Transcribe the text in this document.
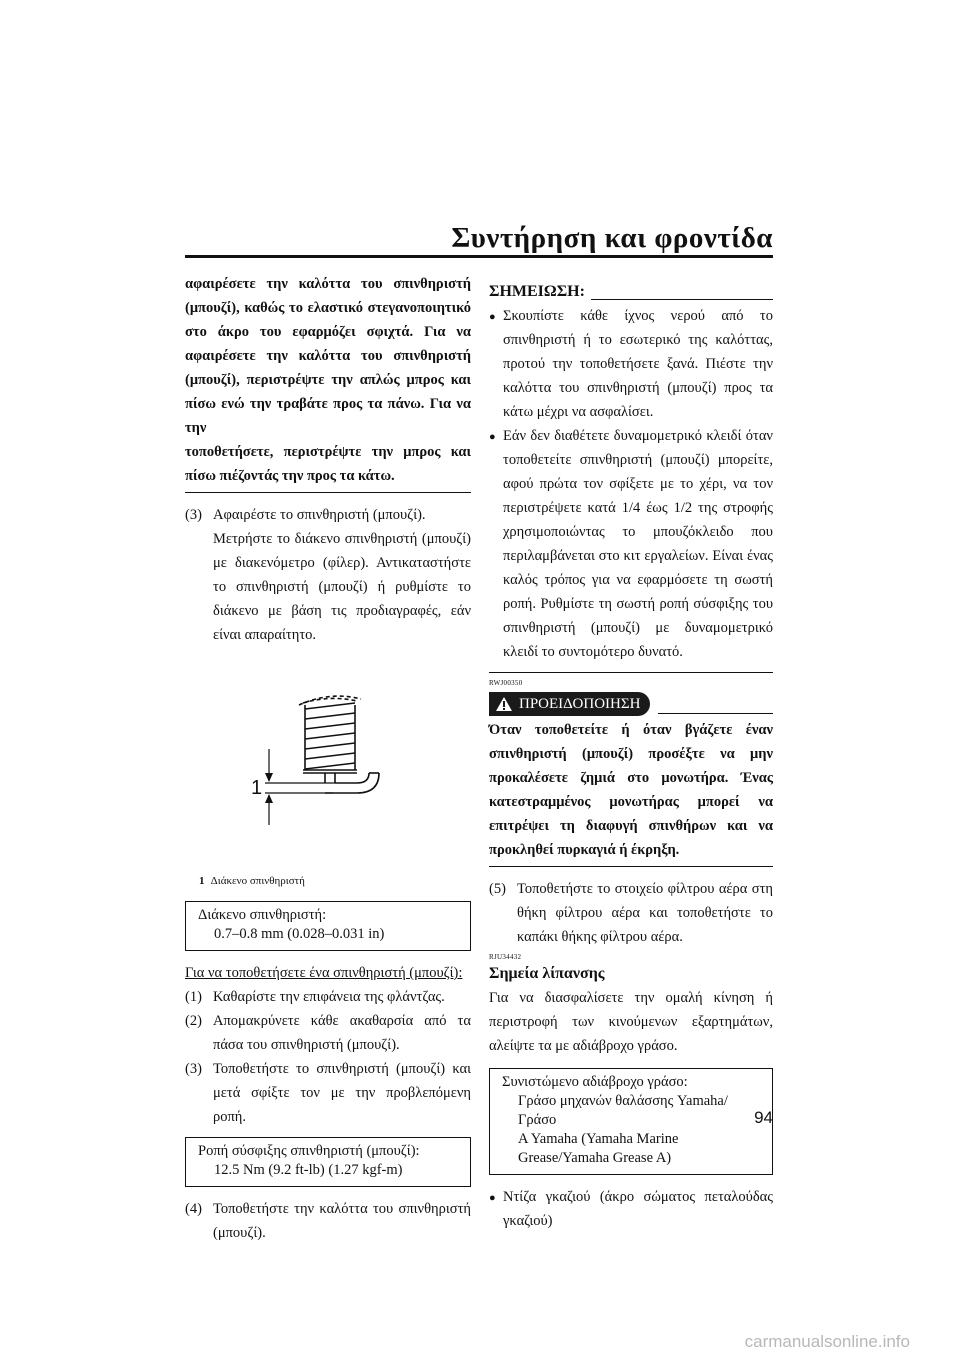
Συντήρηση και φροντίδα
αφαιρέσετε την καλόττα του σπινθηριστή
(μπουζί), καθώς το ελαστικό στεγανοποιητικό
στο άκρο του εφαρμόζει σφιχτά. Για να
αφαιρέσετε την καλόττα του σπινθηριστή
(μπουζί), περιστρέψτε την απλώς μπρος και
πίσω ενώ την τραβάτε προς τα πάνω. Για να την
τοποθετήσετε, περιστρέψτε την μπρος και
πίσω πιέζοντάς την προς τα κάτω.
(3) Αφαιρέστε το σπινθηριστή (μπουζί).

Μετρήστε το διάκενο σπινθηριστή (μπουζί) με διακενόμετρο (φίλερ). Αντικαταστήστε το σπινθηριστή (μπουζί) ή ρυθμίστε το διάκενο με βάση τις προδιαγραφές, εάν είναι απαραίτητο.

1
1 Διάκενο σπινθηριστή
Διάκενο σπινθηριστή:
0.7–0.8 mm (0.028–0.031 in)
Για να τοποθετήσετε ένα σπινθηριστή (μπουζί):
(1) Καθαρίστε την επιφάνεια της φλάντζας.
(2) Απομακρύνετε κάθε ακαθαρσία από τα πάσα του σπινθηριστή (μπουζί).
(3) Τοποθετήστε το σπινθηριστή (μπουζί) και μετά σφίξτε τον με την προβλεπόμενη ροπή.
Ροπή σύσφιξης σπινθηριστή (μπουζί):
12.5 Nm (9.2 ft-lb) (1.27 kgf-m)
(4) Τοποθετήστε την καλόττα του σπινθηριστή (μπουζί).
ΣΗΜΕΙΩΣΗ:
● Σκουπίστε κάθε ίχνος νερού από το σπινθηριστή ή το εσωτερικό της καλόττας, προτού την τοποθετήσετε ξανά. Πιέστε την καλόττα του σπινθηριστή (μπουζί) προς τα κάτω μέχρι να ασφαλίσει.
● Εάν δεν διαθέτετε δυναμομετρικό κλειδί όταν τοποθετείτε σπινθηριστή (μπουζί) μπορείτε, αφού πρώτα τον σφίξετε με το χέρι, να τον περιστρέψετε κατά 1/4 έως 1/2 της στροφής χρησιμοποιώντας το μπουζόκλειδο που περιλαμβάνεται στο κιτ εργαλείων. Είναι ένας καλός τρόπος για να εφαρμόσετε τη σωστή ροπή. Ρυθμίστε τη σωστή ροπή σύσφιξης του σπινθηριστή (μπουζί) με δυναμομετρικό κλειδί το συντομότερο δυνατό.
RWJ00350
ΠΡΟΕΙΔΟΠΟΙΗΣΗ
Όταν τοποθετείτε ή όταν βγάζετε έναν
σπινθηριστή (μπουζί) προσέξτε να μην
προκαλέσετε ζημιά στο μονωτήρα. Ένας
κατεστραμμένος μονωτήρας μπορεί να
επιτρέψει τη διαφυγή σπινθήρων και να
προκληθεί πυρκαγιά ή έκρηξη.
(5) Τοποθετήστε το στοιχείο φίλτρου αέρα στη θήκη φίλτρου αέρα και τοποθετήστε το καπάκι θήκης φίλτρου αέρα.
RJU34432
Σημεία λίπανσης
Για να διασφαλίσετε την ομαλή κίνηση ή περιστροφή των κινούμενων εξαρτημάτων, αλείψτε τα με αδιάβροχο γράσο.
Συνιστώμενο αδιάβροχο γράσο:
Γράσο μηχανών θαλάσσης Yamaha/Γράσο
A Yamaha (Yamaha Marine
Grease/Yamaha Grease A)
● Ντίζα γκαζιού (άκρο σώματος πεταλούδας γκαζιού)
94
carmanualsonline.info
